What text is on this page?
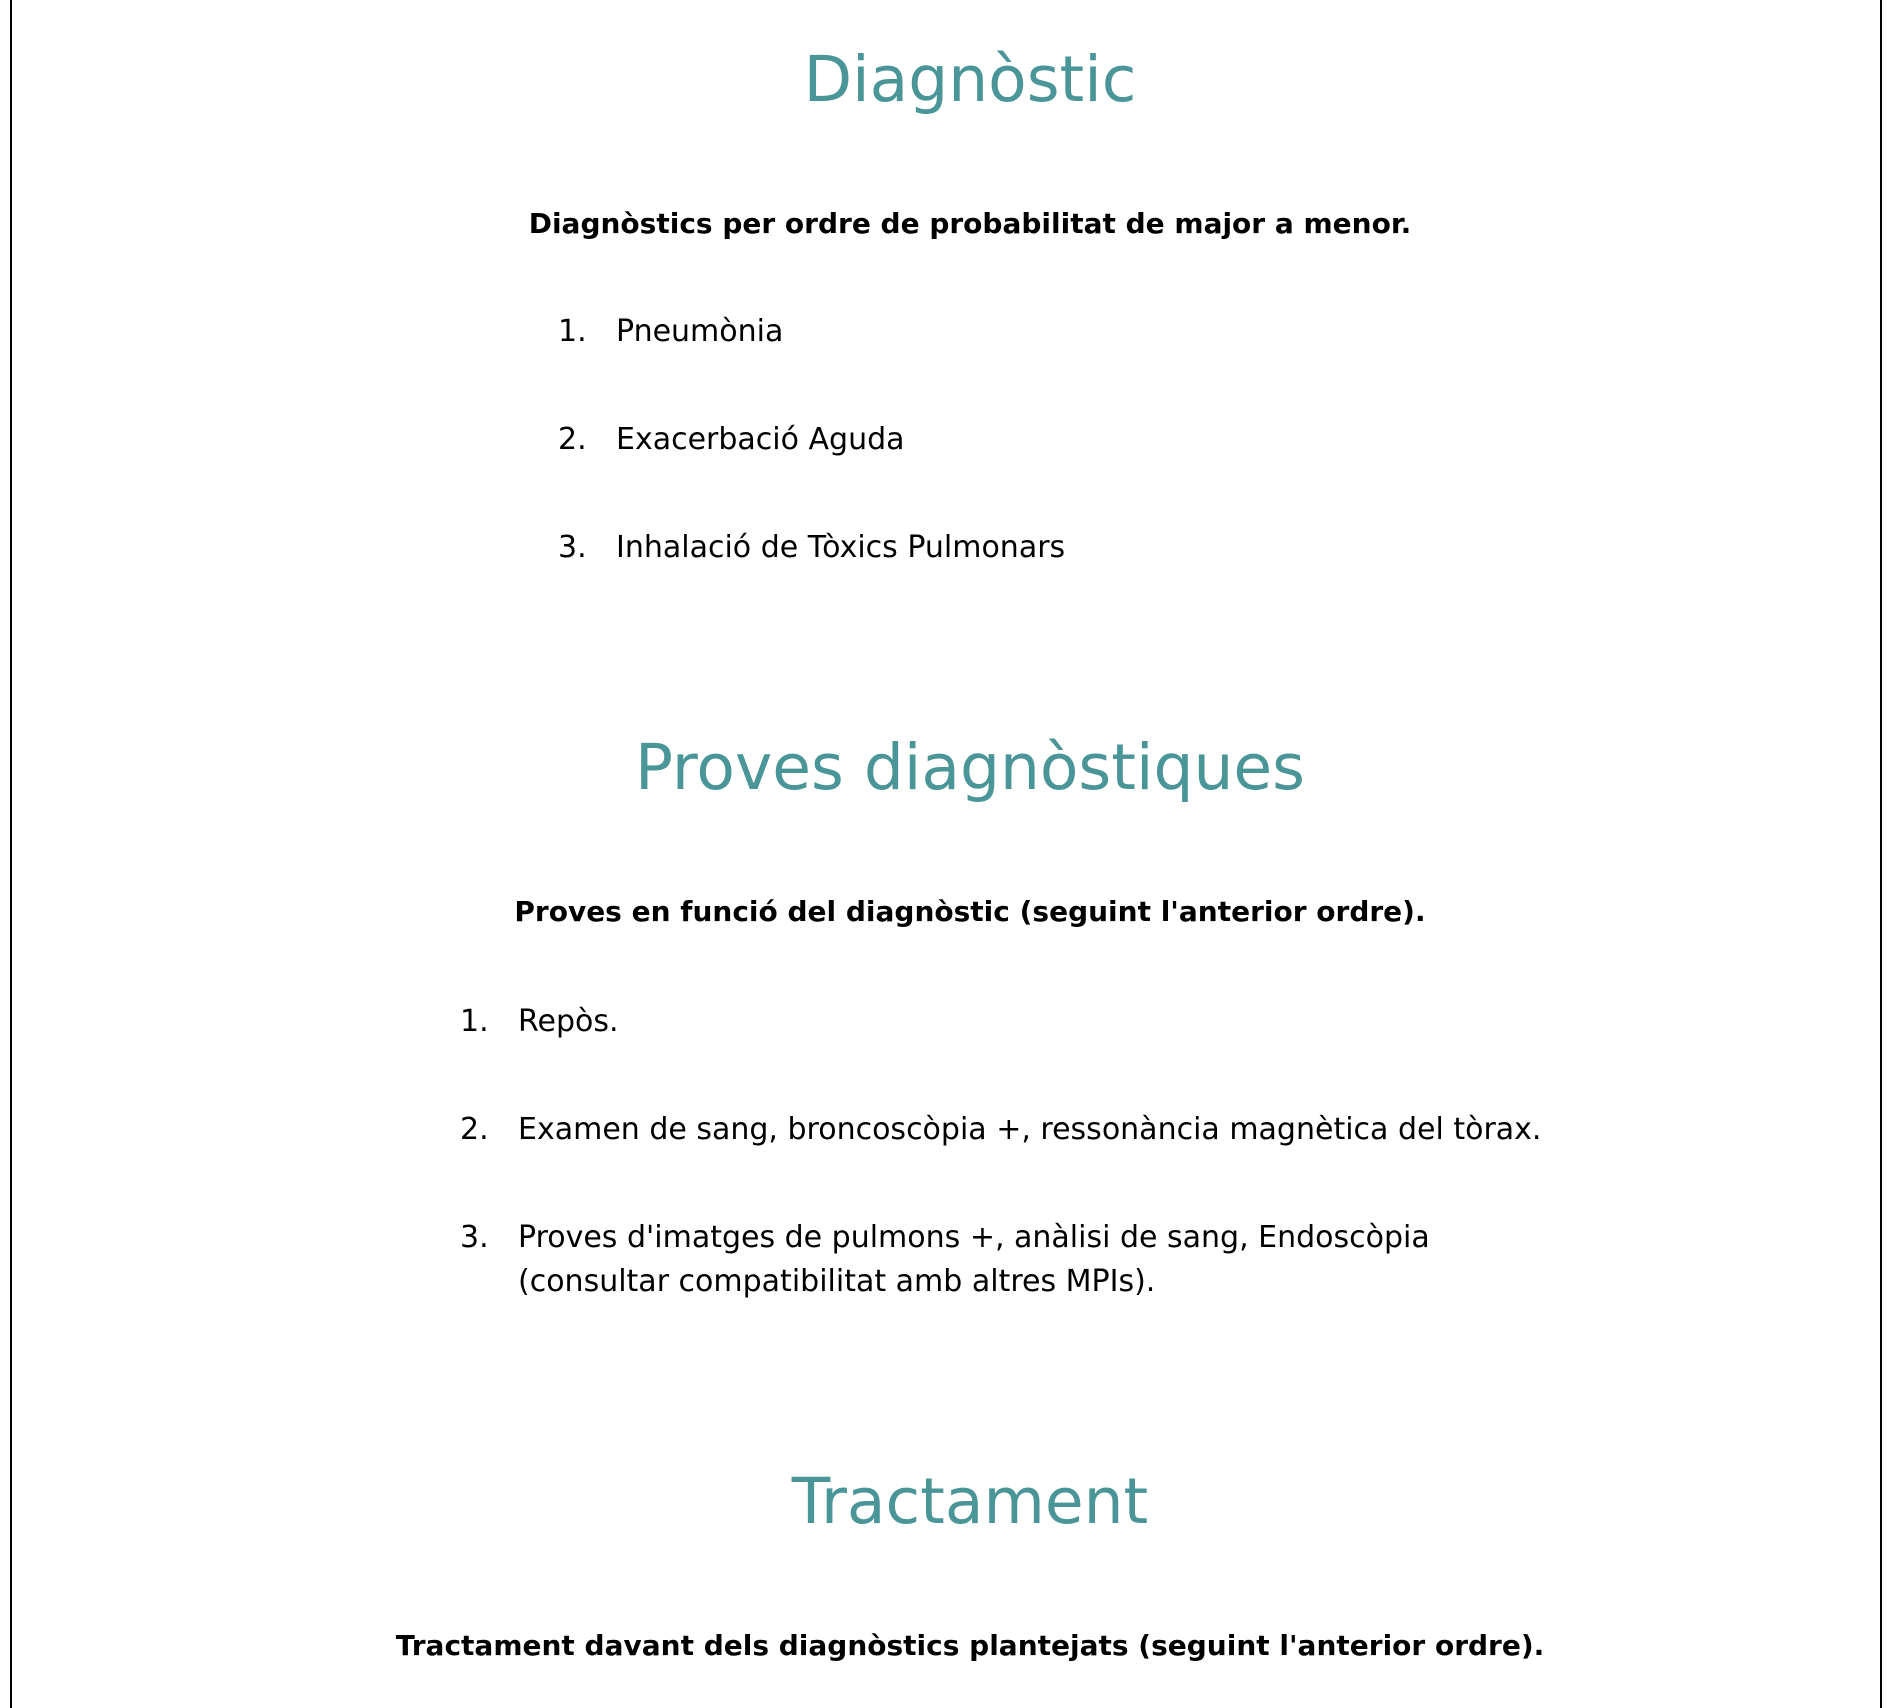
Diagnòstic

Diagnòstics per ordre de probabilitat de major a menor.

1. Pneumònia
2. Exacerbació Aguda
3. Inhalació de Tòxics Pulmonars
Proves diagnòstiques

Proves en funció del diagnòstic (seguint l'anterior ordre).

1. Repòs.
2. Examen de sang, broncoscòpia +, ressonància magnètica del tòrax.
3. Proves d'imatges de pulmons +, anàlisi de sang, Endoscòpia (consultar compatibilitat amb altres MPIs).
Tractament

Tractament davant dels diagnòstics plantejats (seguint l'anterior ordre).
